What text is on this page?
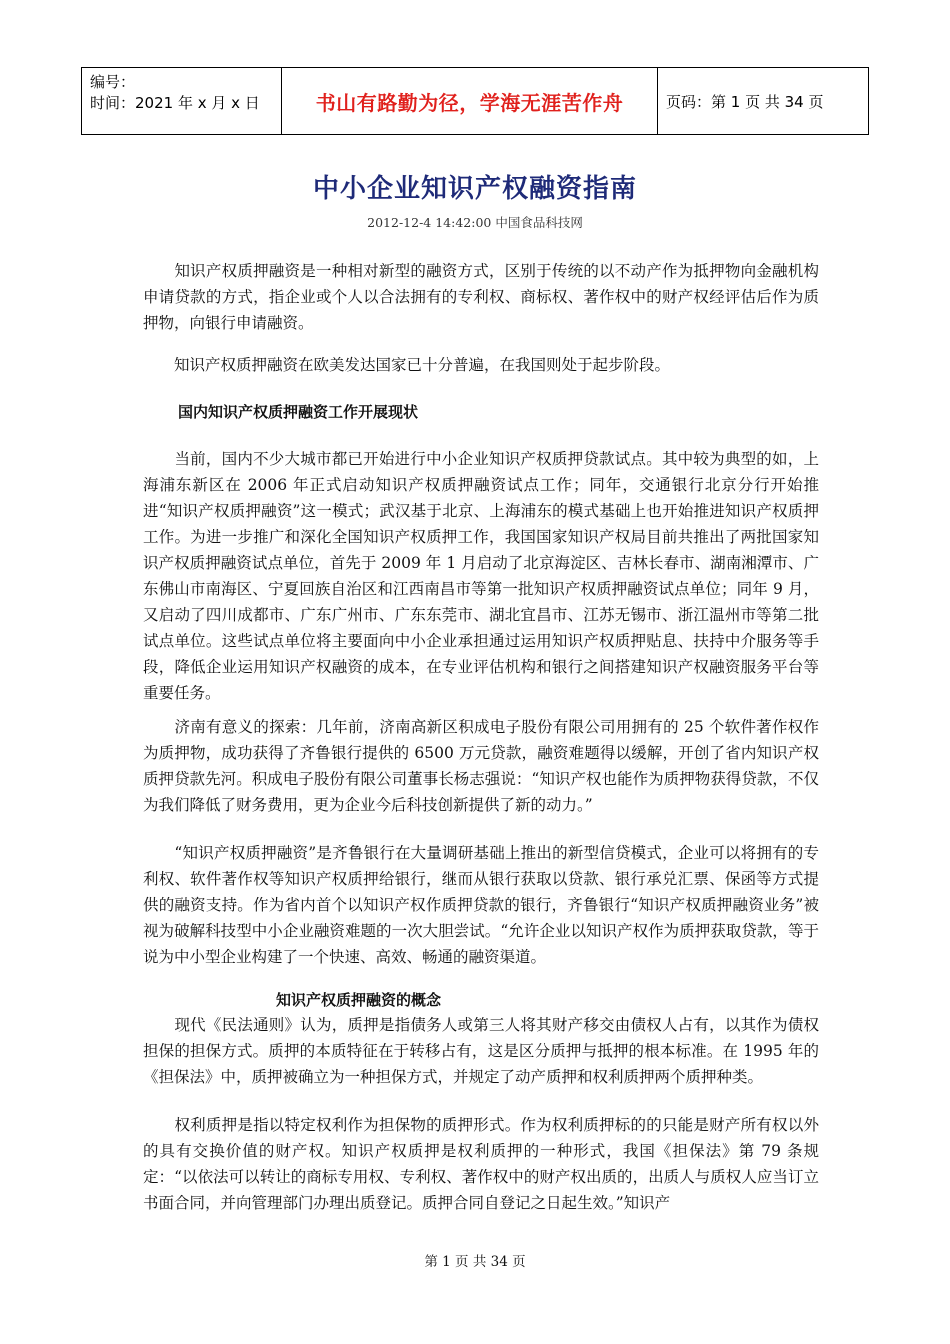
编号：
时间：2021 年 x 月 x 日	书山有路勤为径，学海无涯苦作舟	页码：第 1 页 共 34 页
中小企业知识产权融资指南
2012-12-4 14:42:00 中国食品科技网
　　知识产权质押融资是一种相对新型的融资方式，区别于传统的以不动产作为抵押物向金融机构申请贷款的方式，指企业或个人以合法拥有的专利权、商标权、著作权中的财产权经评估后作为质押物，向银行申请融资。
　　知识产权质押融资在欧美发达国家已十分普遍，在我国则处于起步阶段。
国内知识产权质押融资工作开展现状
　　当前，国内不少大城市都已开始进行中小企业知识产权质押贷款试点。其中较为典型的如，上海浦东新区在 2006 年正式启动知识产权质押融资试点工作；同年，交通银行北京分行开始推进“知识产权质押融资”这一模式；武汉基于北京、上海浦东的模式基础上也开始推进知识产权质押工作。为进一步推广和深化全国知识产权质押工作，我国国家知识产权局目前共推出了两批国家知识产权质押融资试点单位，首先于 2009 年 1 月启动了北京海淀区、吉林长春市、湖南湘潭市、广东佛山市南海区、宁夏回族自治区和江西南昌市等第一批知识产权质押融资试点单位；同年 9 月，又启动了四川成都市、广东广州市、广东东莞市、湖北宜昌市、江苏无锡市、浙江温州市等第二批试点单位。这些试点单位将主要面向中小企业承担通过运用知识产权质押贴息、扶持中介服务等手段，降低企业运用知识产权融资的成本，在专业评估机构和银行之间搭建知识产权融资服务平台等重要任务。
　　济南有意义的探索：几年前，济南高新区积成电子股份有限公司用拥有的 25 个软件著作权作为质押物，成功获得了齐鲁银行提供的 6500 万元贷款，融资难题得以缓解，开创了省内知识产权质押贷款先河。积成电子股份有限公司董事长杨志强说：“知识产权也能作为质押物获得贷款，不仅为我们降低了财务费用，更为企业今后科技创新提供了新的动力。”
　　“知识产权质押融资”是齐鲁银行在大量调研基础上推出的新型信贷模式，企业可以将拥有的专利权、软件著作权等知识产权质押给银行，继而从银行获取以贷款、银行承兑汇票、保函等方式提供的融资支持。作为省内首个以知识产权作质押贷款的银行，齐鲁银行“知识产权质押融资业务”被视为破解科技型中小企业融资难题的一次大胆尝试。“允许企业以知识产权作为质押获取贷款，等于说为中小型企业构建了一个快速、高效、畅通的融资渠道。
知识产权质押融资的概念
　　现代《民法通则》认为，质押是指债务人或第三人将其财产移交由债权人占有，以其作为债权担保的担保方式。质押的本质特征在于转移占有，这是区分质押与抵押的根本标准。在 1995 年的《担保法》中，质押被确立为一种担保方式，并规定了动产质押和权利质押两个质押种类。
　　权利质押是指以特定权利作为担保物的质押形式。作为权利质押标的的只能是财产所有权以外的具有交换价值的财产权。知识产权质押是权利质押的一种形式，我国《担保法》第 79 条规定：“以依法可以转让的商标专用权、专利权、著作权中的财产权出质的，出质人与质权人应当订立书面合同，并向管理部门办理出质登记。质押合同自登记之日起生效。”知识产
第 1 页 共 34 页
